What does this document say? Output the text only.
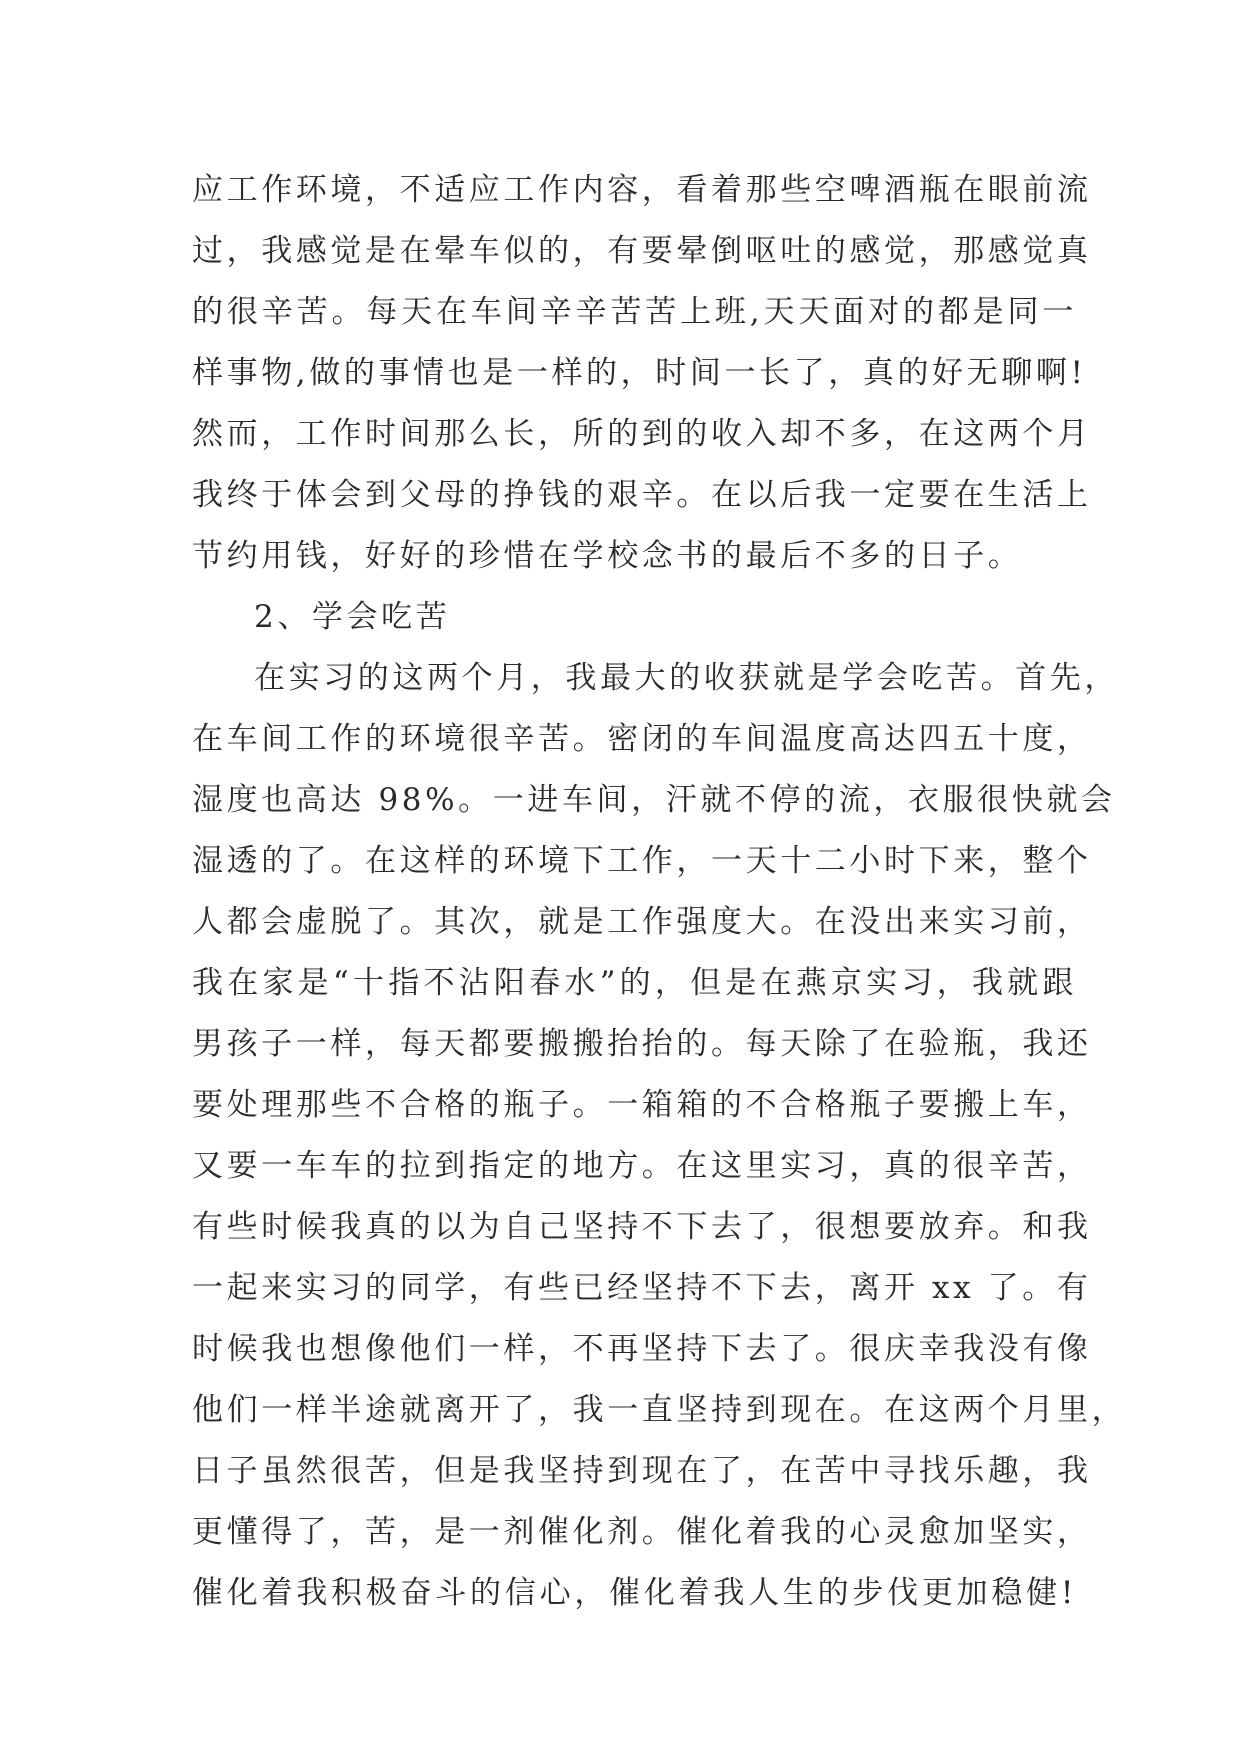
应工作环境，不适应工作内容，看着那些空啤酒瓶在眼前流
过，我感觉是在晕车似的，有要晕倒呕吐的感觉，那感觉真
的很辛苦。每天在车间辛辛苦苦上班,天天面对的都是同一
样事物,做的事情也是一样的，时间一长了，真的好无聊啊!
然而，工作时间那么长，所的到的收入却不多，在这两个月
我终于体会到父母的挣钱的艰辛。在以后我一定要在生活上
节约用钱，好好的珍惜在学校念书的最后不多的日子。
2、学会吃苦
在实习的这两个月，我最大的收获就是学会吃苦。首先，
在车间工作的环境很辛苦。密闭的车间温度高达四五十度，
湿度也高达 98%。一进车间，汗就不停的流，衣服很快就会
湿透的了。在这样的环境下工作，一天十二小时下来，整个
人都会虚脱了。其次，就是工作强度大。在没出来实习前，
我在家是“十指不沾阳春水”的，但是在燕京实习，我就跟
男孩子一样，每天都要搬搬抬抬的。每天除了在验瓶，我还
要处理那些不合格的瓶子。一箱箱的不合格瓶子要搬上车，
又要一车车的拉到指定的地方。在这里实习，真的很辛苦，
有些时候我真的以为自己坚持不下去了，很想要放弃。和我
一起来实习的同学，有些已经坚持不下去，离开 xx 了。有
时候我也想像他们一样，不再坚持下去了。很庆幸我没有像
他们一样半途就离开了，我一直坚持到现在。在这两个月里，
日子虽然很苦，但是我坚持到现在了，在苦中寻找乐趣，我
更懂得了，苦，是一剂催化剂。催化着我的心灵愈加坚实，
催化着我积极奋斗的信心，催化着我人生的步伐更加稳健!
